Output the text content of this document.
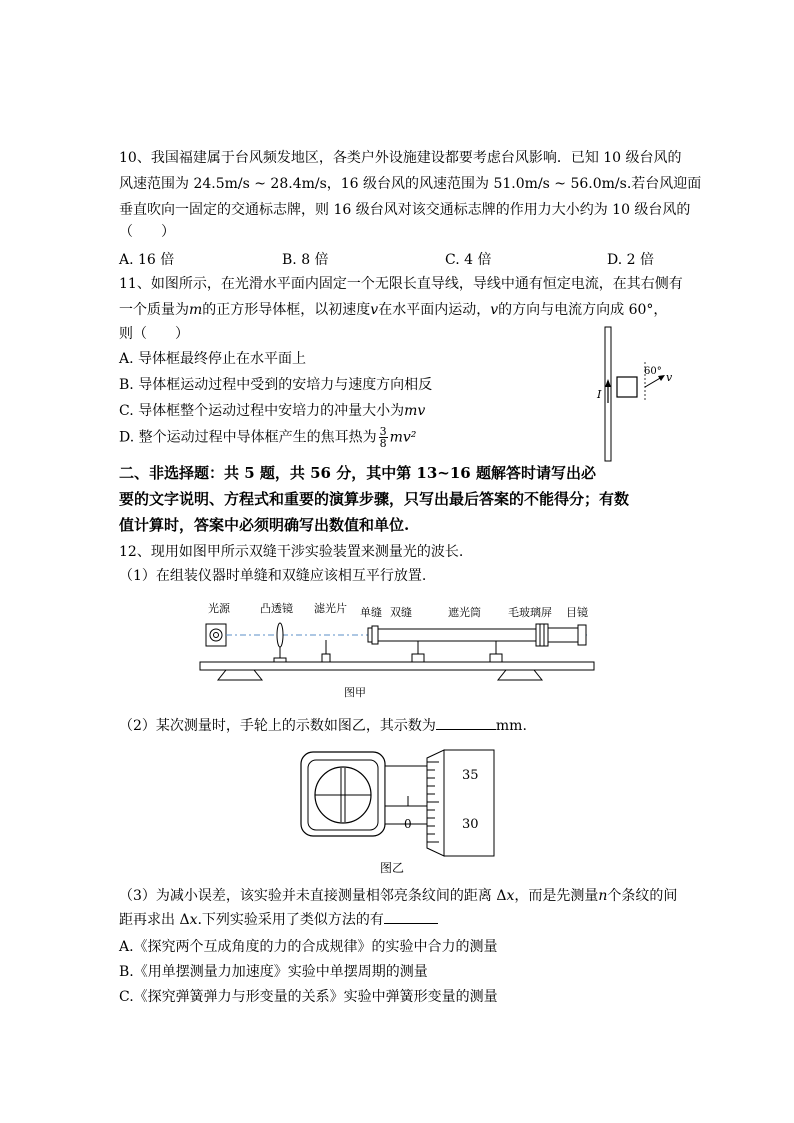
10、我国福建属于台风频发地区，各类户外设施建设都要考虑台风影响．已知 10 级台风的
风速范围为 24.5m/s ~ 28.4m/s，16 级台风的风速范围为 51.0m/s ~ 56.0m/s.若台风迎面
垂直吹向一固定的交通标志牌，则 16 级台风对该交通标志牌的作用力大小约为 10 级台风的
（　　）
A. 16 倍	B. 8 倍	C. 4 倍	D. 2 倍
11、如图所示，在光滑水平面内固定一个无限长直导线，导线中通有恒定电流，在其右侧有
一个质量为m的正方形导体框，以初速度v在水平面内运动，v的方向与电流方向成 60°，
则（　　）
A. 导体框最终停止在水平面上
B. 导体框运动过程中受到的安培力与速度方向相反
C. 导体框整个运动过程中安培力的冲量大小为mv
D. 整个运动过程中导体框产生的焦耳热为 $\frac{3}{8} mv^2$
I
60° v
二、非选择题：共 5 题，共 56 分，其中第 13~16 题解答时请写出必
要的文字说明、方程式和重要的演算步骤，只写出最后答案的不能得分；有数
值计算时，答案中必须明确写出数值和单位.
12、现用如图甲所示双缝干涉实验装置来测量光的波长.
（1）在组装仪器时单缝和双缝应该相互平行放置.
光源	凸透镜 滤光片 单缝 双缝	遮光筒 毛玻璃屏 目镜
图甲
（2）某次测量时，手轮上的示数如图乙，其示数为	mm.
0
35
30
图乙
（3）为减小误差，该实验并未直接测量相邻亮条纹间的距离 Δx，而是先测量n个条纹的间
距再求出 Δx.下列实验采用了类似方法的有
A.《探究两个互成角度的力的合成规律》的实验中合力的测量
B.《用单摆测量力加速度》实验中单摆周期的测量
C.《探究弹簧弹力与形变量的关系》实验中弹簧形变量的测量
